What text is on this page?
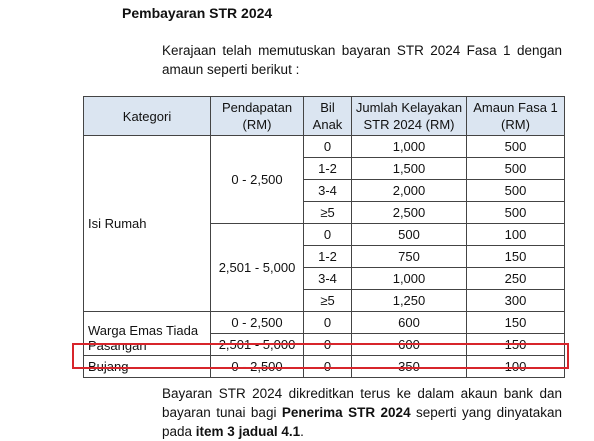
Pembayaran STR 2024

Kerajaan telah memutuskan bayaran STR 2024 Fasa 1 dengan amaun seperti berikut :

Kategori	Pendapatan (RM)	Bil Anak	Jumlah Kelayakan STR 2024 (RM)	Amaun Fasa 1 (RM)
Isi Rumah	0 - 2,500	0	1,000	500
		1-2	1,500	500
		3-4	2,000	500
		≥5	2,500	500
	2,501 - 5,000	0	500	100
		1-2	750	150
		3-4	1,000	250
		≥5	1,250	300
Warga Emas Tiada Pasangan	0 - 2,500	0	600	150
	2,501 - 5,000	0	600	150
Bujang	0 - 2,500	0	350	100

Bayaran STR 2024 dikreditkan terus ke dalam akaun bank dan bayaran tunai bagi Penerima STR 2024 seperti yang dinyatakan pada item 3 jadual 4.1.
